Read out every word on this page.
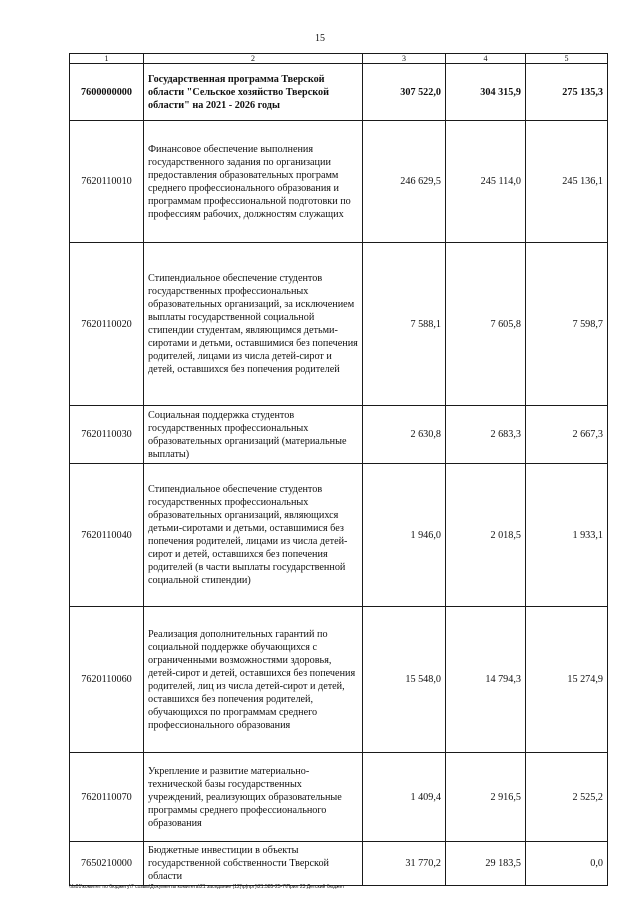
15
1	2	3	4	5
7600000000	Государственная программа Тверской области "Сельское хозяйство Тверской области" на 2021 - 2026 годы	307 522,0	304 315,9	275 135,3
7620110010	Финансовое обеспечение выполнения государственного задания по организации предоставления образовательных программ среднего профессионального образования и программам профессиональной подготовки по профессиям рабочих, должностям служащих	246 629,5	245 114,0	245 136,1
7620110020	Стипендиальное обеспечение студентов государственных профессиональных образовательных организаций, за исключением выплаты государственной социальной стипендии студентам, являющимся детьми-сиротами и детьми, оставшимися без попечения родителей, лицами из числа детей-сирот и детей, оставшихся без попечения родителей	7 588,1	7 605,8	7 598,7
7620110030	Социальная поддержка студентов государственных профессиональных образовательных организаций (материальные выплаты)	2 630,8	2 683,3	2 667,3
7620110040	Стипендиальное обеспечение студентов государственных профессиональных образовательных организаций, являющихся детьми-сиротами и детьми, оставшимися без попечения родителей, лицами из числа детей-сирот и детей, оставшихся без попечения родителей (в части выплаты государственной социальной стипендии)	1 946,0	2 018,5	1 933,1
7620110060	Реализация дополнительных гарантий по социальной поддержке обучающихся с ограниченными возможностями здоровья, детей-сирот и детей, оставшихся без попечения родителей, лиц из числа детей-сирот и детей, оставшихся без попечения родителей, обучающихся по программам среднего профессионального образования	15 548,0	14 794,3	15 274,9
7620110070	Укрепление и развитие материально-технической базы государственных учреждений, реализующих образовательные программы среднего профессионального образования	1 409,4	2 916,5	2 525,2
7650210000	Бюджетные инвестиции в объекты государственной собственности Тверской области	31 770,2	29 183,5	0,0
\\fs01\комитет по бюджету\7 созыв\Документы комитета\21 заседание (12)\р(прт)\21.585-25-7\Прил 23 Детский бюджет
